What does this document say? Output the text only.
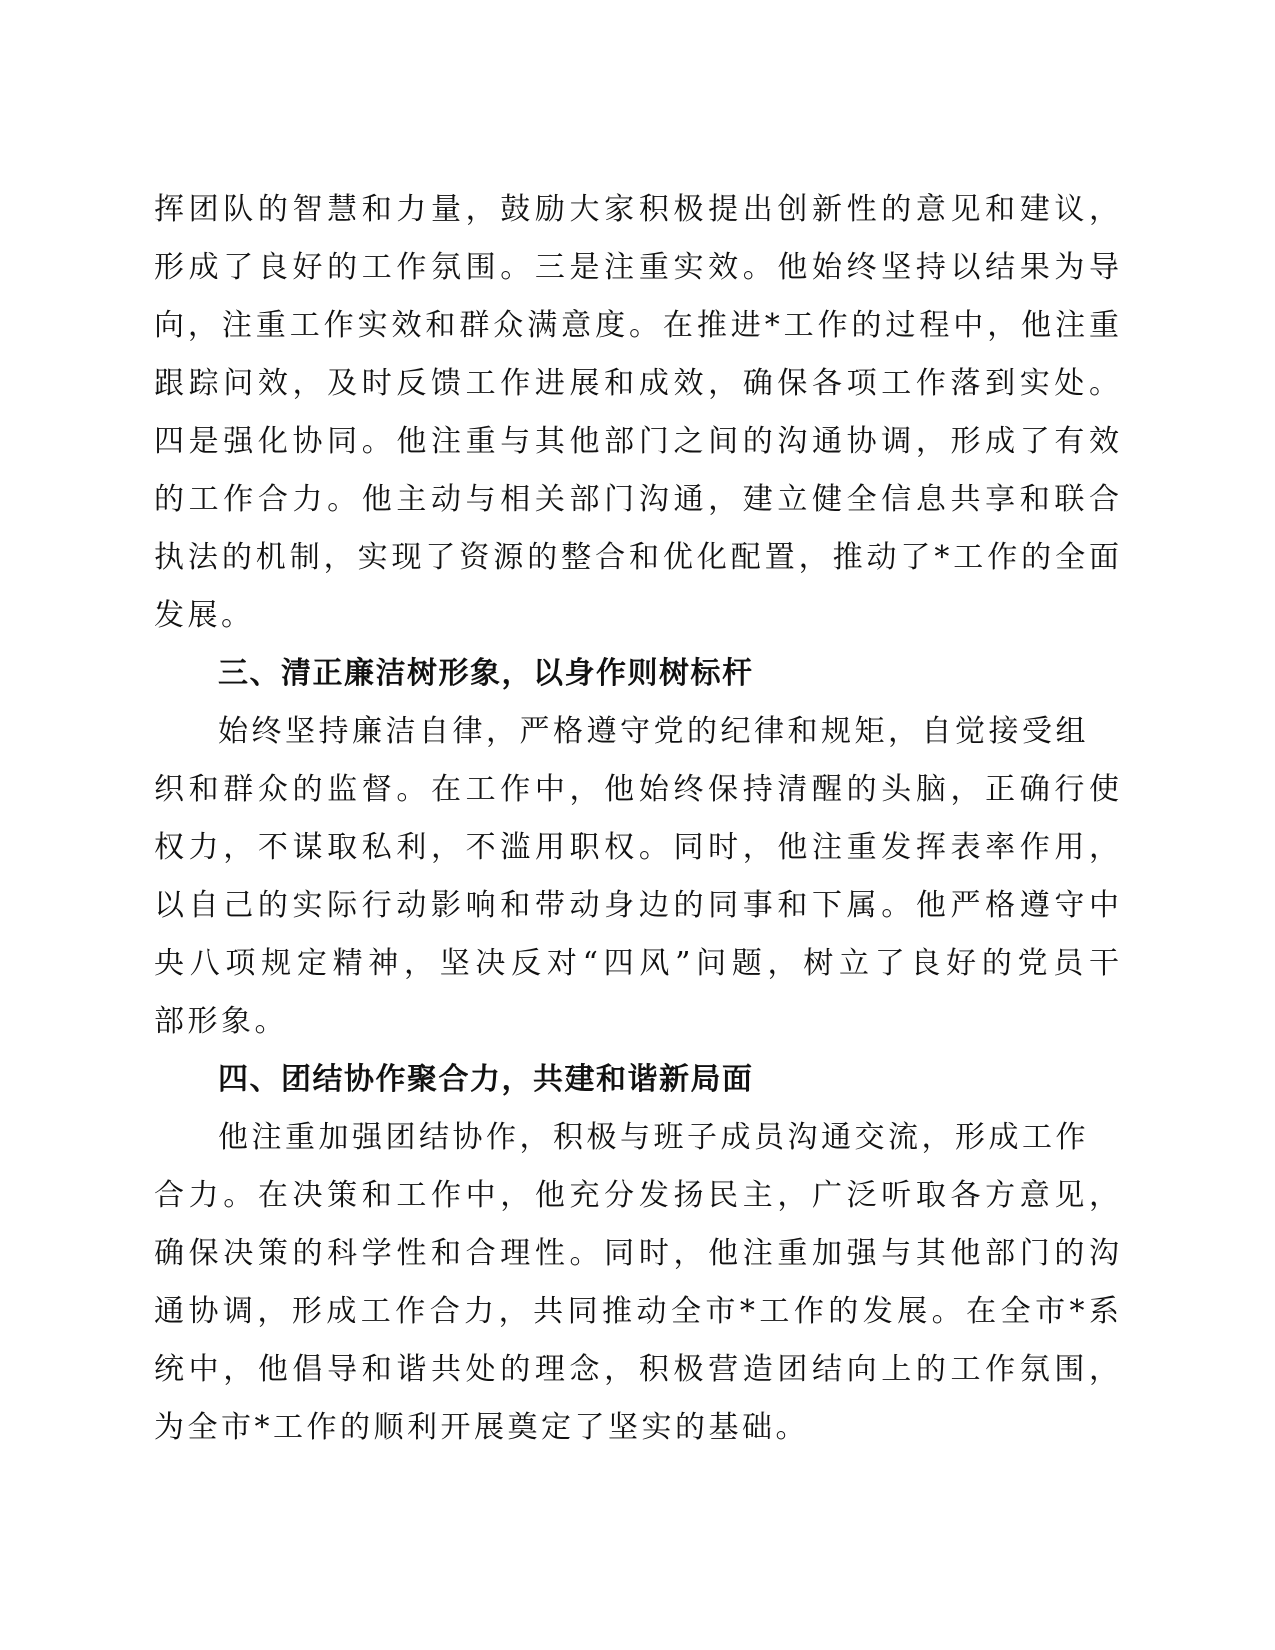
挥团队的智慧和力量，鼓励大家积极提出创新性的意见和建议，
形成了良好的工作氛围。三是注重实效。他始终坚持以结果为导
向，注重工作实效和群众满意度。在推进*工作的过程中，他注重
跟踪问效，及时反馈工作进展和成效，确保各项工作落到实处。
四是强化协同。他注重与其他部门之间的沟通协调，形成了有效
的工作合力。他主动与相关部门沟通，建立健全信息共享和联合
执法的机制，实现了资源的整合和优化配置，推动了*工作的全面
发展。
三、清正廉洁树形象，以身作则树标杆
始终坚持廉洁自律，严格遵守党的纪律和规矩，自觉接受组
织和群众的监督。在工作中，他始终保持清醒的头脑，正确行使
权力，不谋取私利，不滥用职权。同时，他注重发挥表率作用，
以自己的实际行动影响和带动身边的同事和下属。他严格遵守中
央八项规定精神，坚决反对“四风”问题，树立了良好的党员干
部形象。
四、团结协作聚合力，共建和谐新局面
他注重加强团结协作，积极与班子成员沟通交流，形成工作
合力。在决策和工作中，他充分发扬民主，广泛听取各方意见，
确保决策的科学性和合理性。同时，他注重加强与其他部门的沟
通协调，形成工作合力，共同推动全市*工作的发展。在全市*系
统中，他倡导和谐共处的理念，积极营造团结向上的工作氛围，
为全市*工作的顺利开展奠定了坚实的基础。
